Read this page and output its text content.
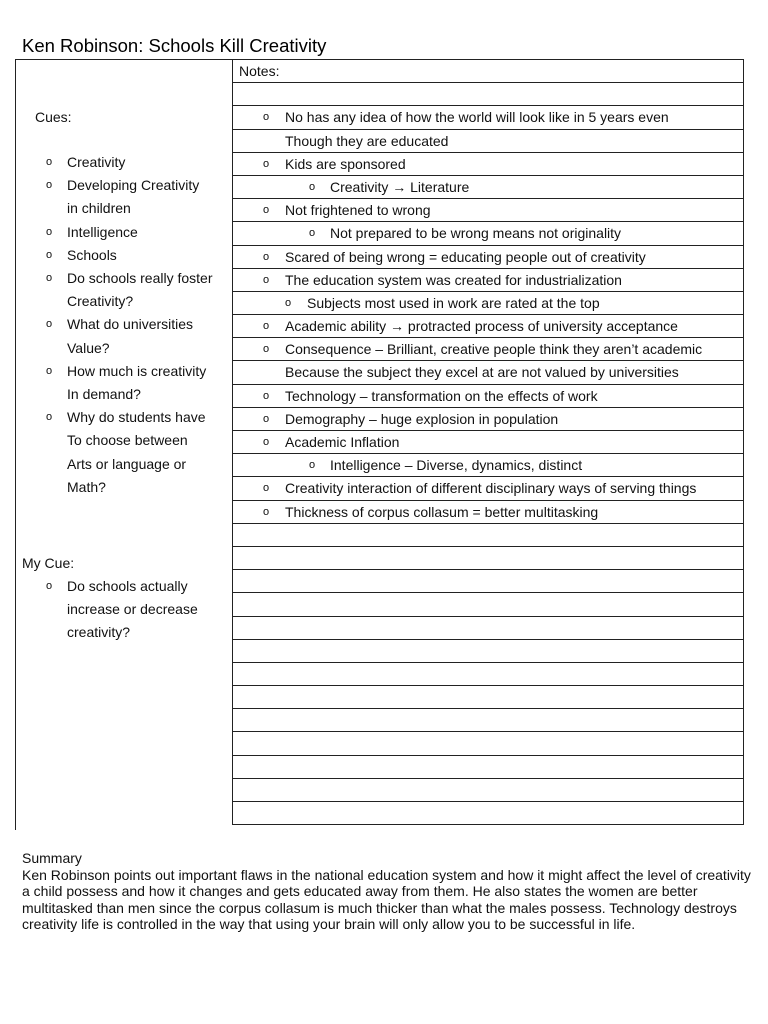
Ken Robinson: Schools Kill Creativity
Cues:
o Creativity
o Developing Creativity
in children
o Intelligence
o Schools
o Do schools really foster
Creativity?
o What do universities
Value?
o How much is creativity
In demand?
o Why do students have
To choose between
Arts or language or
Math?
My Cue:
o Do schools actually
increase or decrease
creativity?
Notes:
o No has any idea of how the world will look like in 5 years even
Though they are educated
o Kids are sponsored
o Creativity → Literature
o Not frightened to wrong
o Not prepared to be wrong means not originality
o Scared of being wrong = educating people out of creativity
o The education system was created for industrialization
o Subjects most used in work are rated at the top
o Academic ability → protracted process of university acceptance
o Consequence – Brilliant, creative people think they aren’t academic
Because the subject they excel at are not valued by universities
o Technology – transformation on the effects of work
o Demography – huge explosion in population
o Academic Inflation
o Intelligence – Diverse, dynamics, distinct
o Creativity interaction of different disciplinary ways of serving things
o Thickness of corpus collasum = better multitasking

Summary

Ken Robinson points out important flaws in the national education system and how it might affect the level of creativity a child possess and how it changes and gets educated away from them. He also states the women are better multitasked than men since the corpus collasum is much thicker than what the males possess. Technology destroys creativity life is controlled in the way that using your brain will only allow you to be successful in life.
